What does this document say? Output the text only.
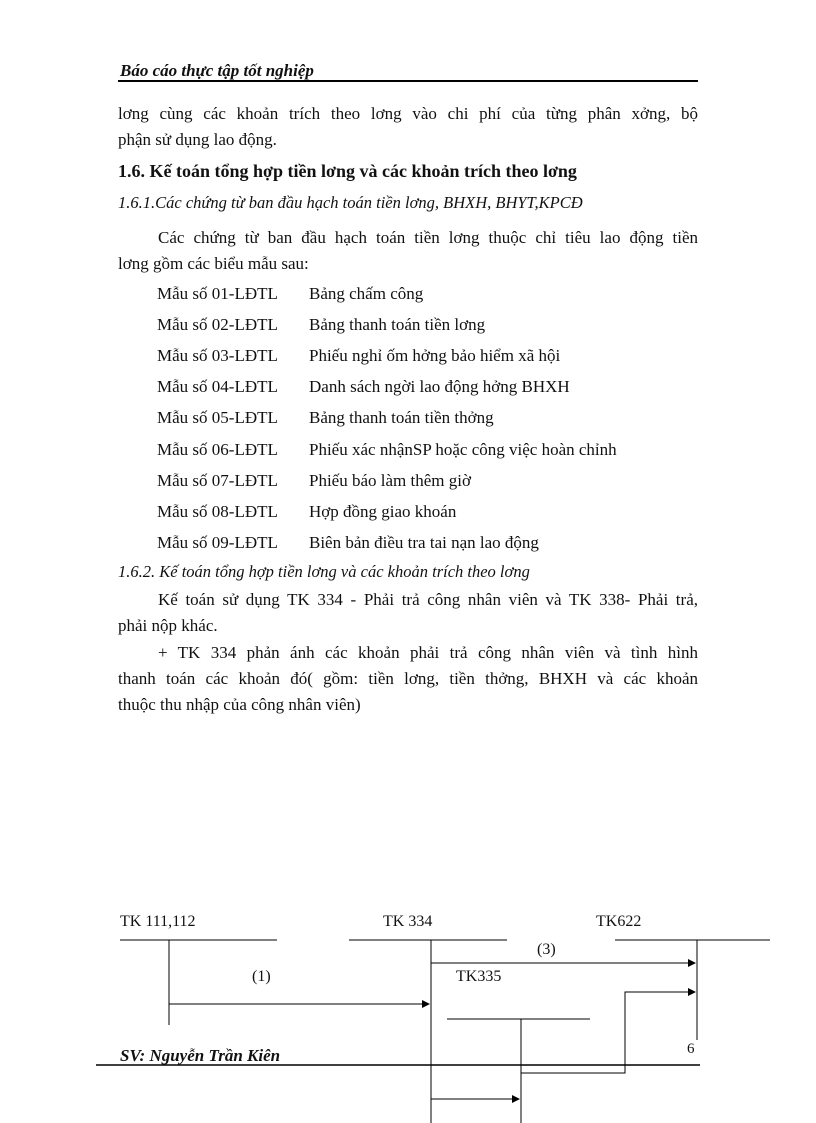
Báo cáo thực tập tốt nghiệp
lơng cùng các khoản trích theo lơng vào chi phí của từng phân xởng, bộ
phận sử dụng lao động.
1.6. Kế toán tổng hợp tiền lơng và các khoản trích theo lơng
1.6.1.Các chứng từ ban đầu hạch toán tiền lơng, BHXH, BHYT,KPCĐ
Các chứng từ ban đầu hạch toán tiền lơng thuộc chỉ tiêu lao động tiền
lơng gồm các biểu mẫu sau:
Mẫu số 01-LĐTL Bảng chấm công
Mẫu số 02-LĐTL Bảng thanh toán tiền lơng
Mẫu số 03-LĐTL Phiếu nghỉ ốm hởng bảo hiểm xã hội
Mẫu số 04-LĐTL Danh sách ngời lao động hởng BHXH
Mẫu số 05-LĐTL Bảng thanh toán tiền thởng
Mẫu số 06-LĐTL Phiếu xác nhậnSP hoặc công việc hoàn chỉnh
Mẫu số 07-LĐTL Phiếu báo làm thêm giờ
Mẫu số 08-LĐTL Hợp đồng giao khoán
Mẫu số 09-LĐTL Biên bản điều tra tai nạn lao động
1.6.2. Kế toán tổng hợp tiền lơng và các khoản trích theo lơng
Kế toán sử dụng TK 334 - Phải trả công nhân viên và TK 338- Phải trả,
phải nộp khác.
+ TK 334 phản ánh các khoản phải trả công nhân viên và tình hình
thanh toán các khoản đó( gồm: tiền lơng, tiền thởng, BHXH và các khoản
thuộc thu nhập của công nhân viên)
TK 111,112	TK 334	TK622
TK335
(1)
(3)
SV: Nguyễn Trần Kiên	6
